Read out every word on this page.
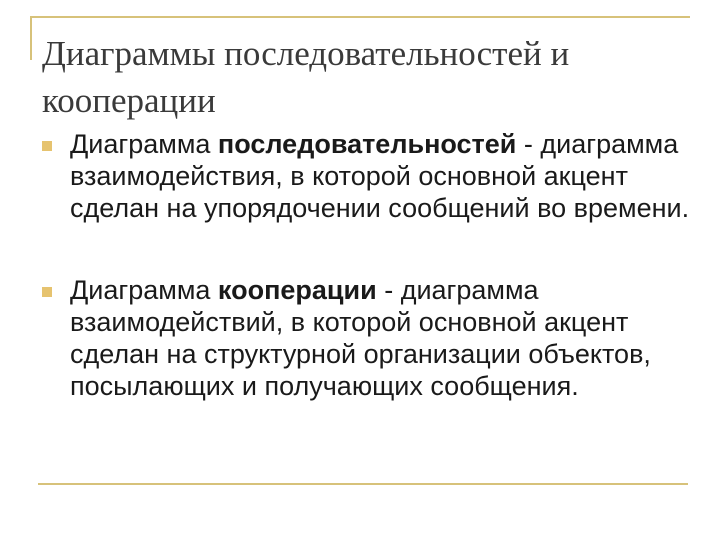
Диаграммы последовательностей и кооперации
Диаграмма последовательностей - диаграмма взаимодействия, в которой основной акцент сделан на упорядочении сообщений во времени.
Диаграмма кооперации - диаграмма взаимодействий, в которой основной акцент сделан на структурной организации объектов, посылающих и получающих сообщения.
